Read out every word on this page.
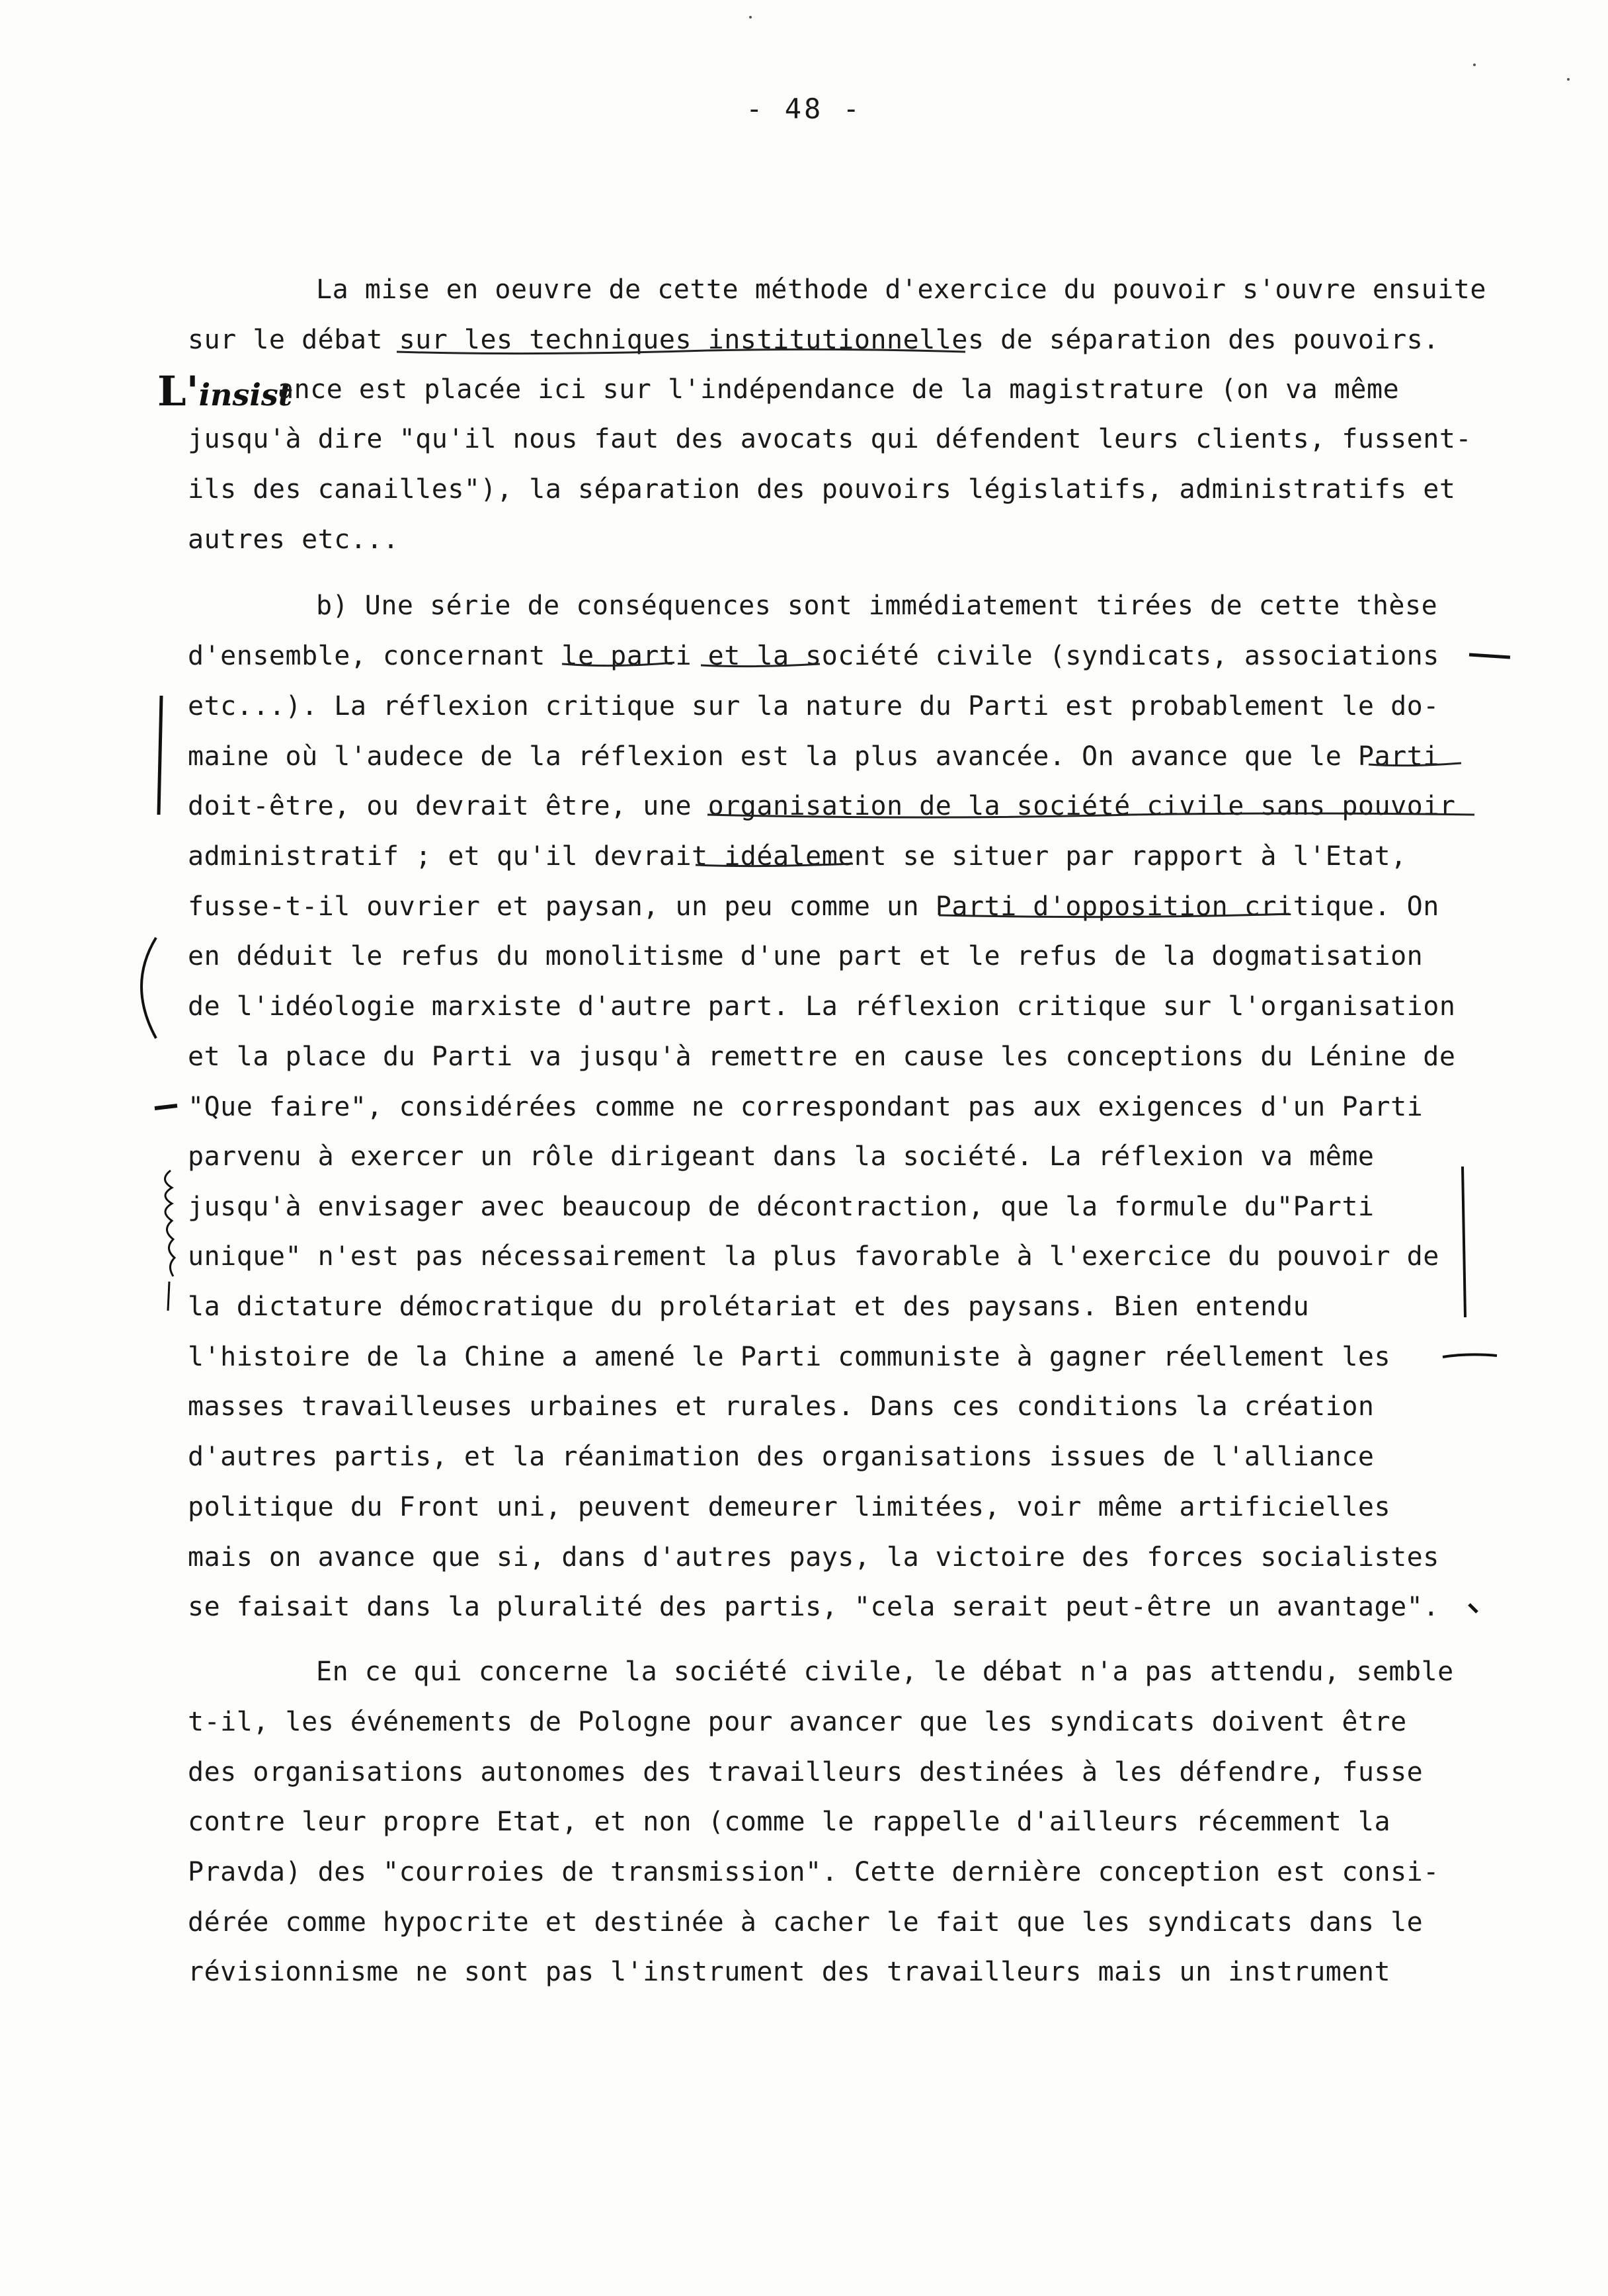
- 48 -
L'insist
La mise en oeuvre de cette méthode d'exercice du pouvoir s'ouvre ensuite
sur le débat sur les techniques institutionnelles de séparation des pouvoirs.
ance est placée ici sur l'indépendance de la magistrature (on va même
jusqu'à dire "qu'il nous faut des avocats qui défendent leurs clients, fussent-
ils des canailles"), la séparation des pouvoirs législatifs, administratifs et
autres etc...
b) Une série de conséquences sont immédiatement tirées de cette thèse
d'ensemble, concernant le parti et la société civile (syndicats, associations
etc...). La réflexion critique sur la nature du Parti est probablement le do-
maine où l'audece de la réflexion est la plus avancée. On avance que le Parti
doit-être, ou devrait être, une organisation de la société civile sans pouvoir
administratif ; et qu'il devrait idéalement se situer par rapport à l'Etat,
fusse-t-il ouvrier et paysan, un peu comme un Parti d'opposition critique. On
en déduit le refus du monolitisme d'une part et le refus de la dogmatisation
de l'idéologie marxiste d'autre part. La réflexion critique sur l'organisation
et la place du Parti va jusqu'à remettre en cause les conceptions du Lénine de
"Que faire", considérées comme ne correspondant pas aux exigences d'un Parti
parvenu à exercer un rôle dirigeant dans la société. La réflexion va même
jusqu'à envisager avec beaucoup de décontraction, que la formule du"Parti
unique" n'est pas nécessairement la plus favorable à l'exercice du pouvoir de
la dictature démocratique du prolétariat et des paysans. Bien entendu
l'histoire de la Chine a amené le Parti communiste à gagner réellement les
masses travailleuses urbaines et rurales. Dans ces conditions la création
d'autres partis, et la réanimation des organisations issues de l'alliance
politique du Front uni, peuvent demeurer limitées, voir même artificielles
mais on avance que si, dans d'autres pays, la victoire des forces socialistes
se faisait dans la pluralité des partis, "cela serait peut-être un avantage".
En ce qui concerne la société civile, le débat n'a pas attendu, semble
t-il, les événements de Pologne pour avancer que les syndicats doivent être
des organisations autonomes des travailleurs destinées à les défendre, fusse
contre leur propre Etat, et non (comme le rappelle d'ailleurs récemment la
Pravda) des "courroies de transmission". Cette dernière conception est consi-
dérée comme hypocrite et destinée à cacher le fait que les syndicats dans le
révisionnisme ne sont pas l'instrument des travailleurs mais un instrument
